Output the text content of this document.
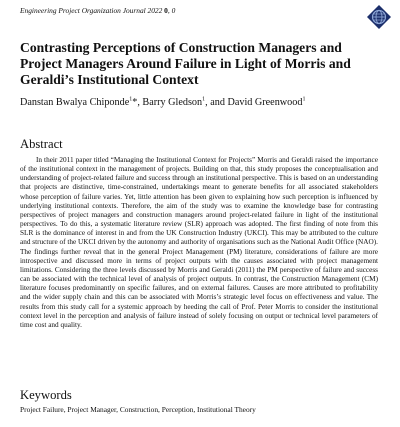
Engineering Project Organization Journal 2022 0, 0
Contrasting Perceptions of Construction Managers and Project Managers Around Failure in Light of Morris and Geraldi’s Institutional Context
Danstan Bwalya Chiponde$^1$*, Barry Gledson$^1$, and David Greenwood$^1$
Abstract

In their 2011 paper titled “Managing the Institutional Context for Projects” Morris and Geraldi raised the importance of the institutional context in the management of projects. Building on that, this study proposes the conceptualisation and understanding of project-related failure and success through an institutional perspective. This is based on an understanding that projects are distinctive, time-constrained, undertakings meant to generate benefits for all associated stakeholders whose perception of failure varies. Yet, little attention has been given to explaining how such perception is influenced by underlying institutional contexts. Therefore, the aim of the study was to examine the knowledge base for contrasting perspectives of project managers and construction managers around project-related failure in light of the institutional perspectives. To do this, a systematic literature review (SLR) approach was adopted. The first finding of note from this SLR is the dominance of interest in and from the UK Construction Industry (UKCI). This may be attributed to the culture and structure of the UKCI driven by the autonomy and authority of organisations such as the National Audit Office (NAO). The findings further reveal that in the general Project Management (PM) literature, considerations of failure are more introspective and discussed more in terms of project outputs with the causes associated with project management limitations. Considering the three levels discussed by Morris and Geraldi (2011) the PM perspective of failure and success can be associated with the technical level of analysis of project outputs. In contrast, the Construction Management (CM) literature focuses predominantly on specific failures, and on external failures. Causes are more attributed to profitability and the wider supply chain and this can be associated with Morris’s strategic level focus on effectiveness and value. The results from this study call for a systemic approach by heeding the call of Prof. Peter Morris to consider the institutional context level in the perception and analysis of failure instead of solely focusing on output or technical level parameters of time cost and quality.

Keywords

Project Failure, Project Manager, Construction, Perception, Institutional Theory
